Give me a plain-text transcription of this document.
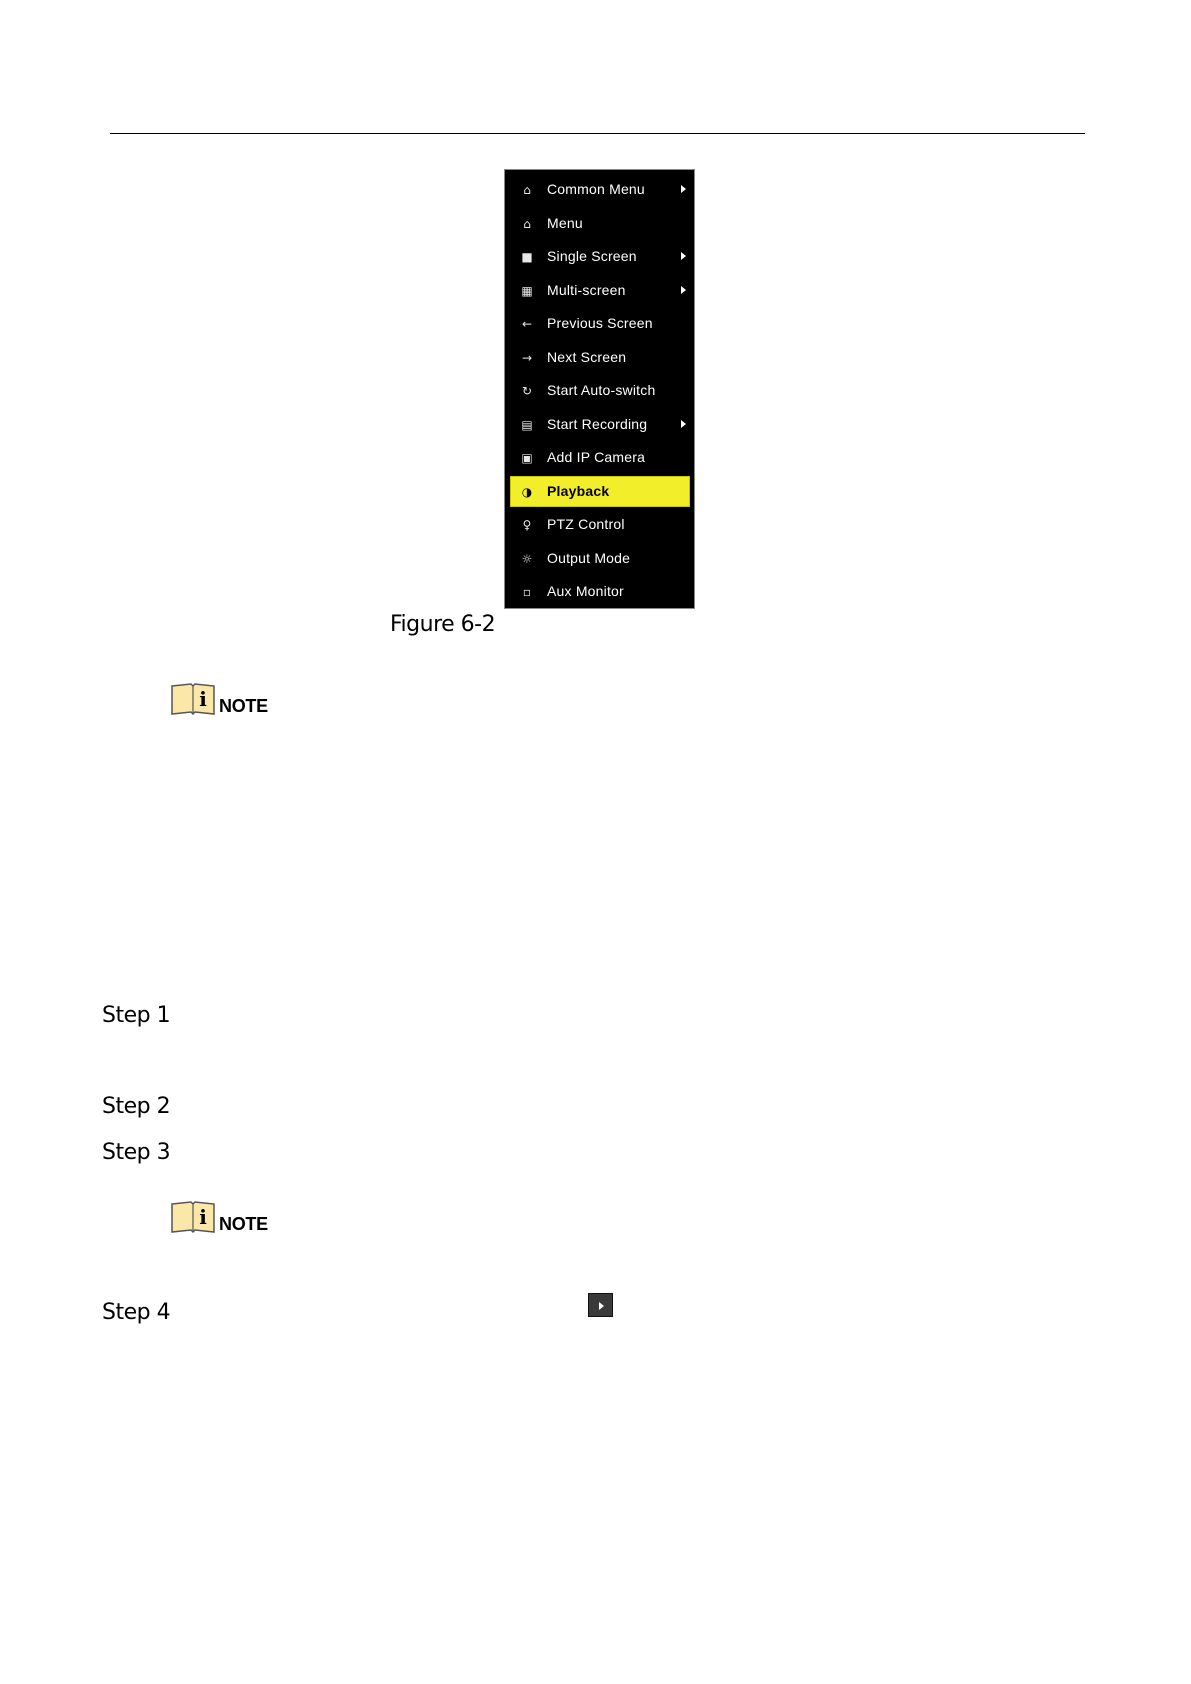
⌂ Common Menu
⌂ Menu
■ Single Screen
▦ Multi-screen
← Previous Screen
→ Next Screen
↻ Start Auto-switch
▤ Start Recording
▣ Add IP Camera
◑ Playback
♀ PTZ Control
☼ Output Mode
▫ Aux Monitor
Figure 6-2
i NOTE
i NOTE
Step 1
Step 2
Step 3
Step 4
